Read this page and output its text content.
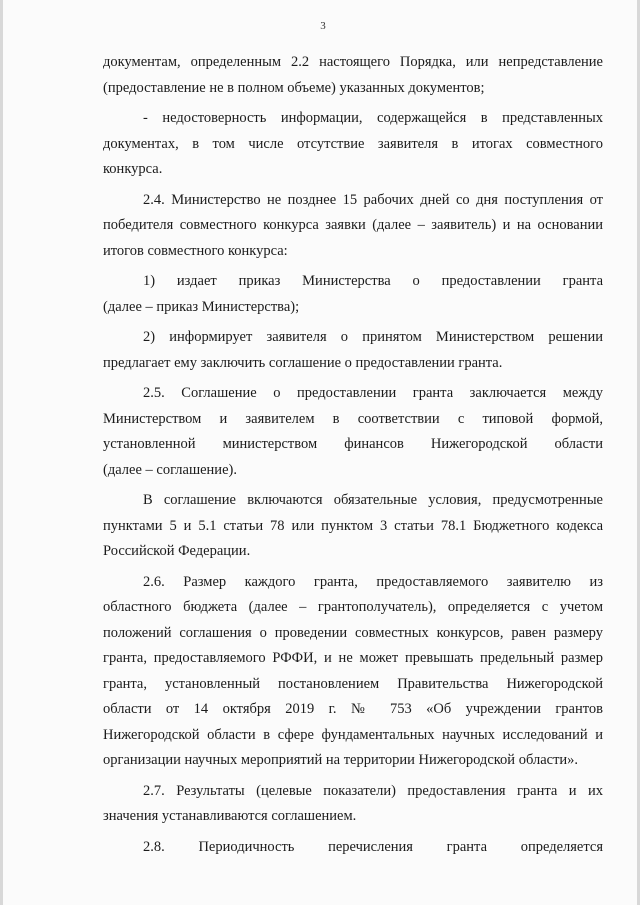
3
документам, определенным 2.2 настоящего Порядка, или непредставление
(предоставление не в полном объеме) указанных документов;
- недостоверность информации, содержащейся в представленных
документах, в том числе отсутствие заявителя в итогах совместного
конкурса.
2.4. Министерство не позднее 15 рабочих дней со дня поступления от
победителя совместного конкурса заявки (далее – заявитель) и на основании
итогов совместного конкурса:
1) издает приказ Министерства о предоставлении гранта
(далее – приказ Министерства);
2) информирует заявителя о принятом Министерством решении
предлагает ему заключить соглашение о предоставлении гранта.
2.5. Соглашение о предоставлении гранта заключается между
Министерством и заявителем в соответствии с типовой формой,
установленной министерством финансов Нижегородской области
(далее – соглашение).
В соглашение включаются обязательные условия, предусмотренные
пунктами 5 и 5.1 статьи 78 или пунктом 3 статьи 78.1 Бюджетного кодекса
Российской Федерации.
2.6. Размер каждого гранта, предоставляемого заявителю из
областного бюджета (далее – грантополучатель), определяется с учетом
положений соглашения о проведении совместных конкурсов, равен размеру
гранта, предоставляемого РФФИ, и не может превышать предельный размер
гранта, установленный постановлением Правительства Нижегородской
области от 14 октября 2019 г. № 753 «Об учреждении грантов
Нижегородской области в сфере фундаментальных научных исследований и
организации научных мероприятий на территории Нижегородской области».
2.7. Результаты (целевые показатели) предоставления гранта и их
значения устанавливаются соглашением.
2.8. Периодичность перечисления гранта определяется
